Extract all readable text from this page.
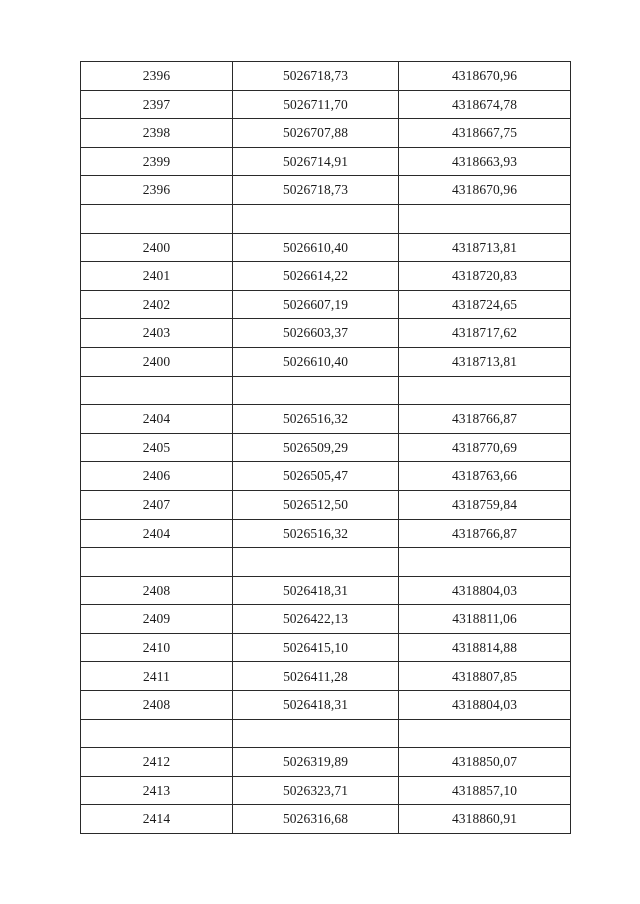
2396	5026718,73	4318670,96
2397	5026711,70	4318674,78
2398	5026707,88	4318667,75
2399	5026714,91	4318663,93
2396	5026718,73	4318670,96

2400	5026610,40	4318713,81
2401	5026614,22	4318720,83
2402	5026607,19	4318724,65
2403	5026603,37	4318717,62
2400	5026610,40	4318713,81

2404	5026516,32	4318766,87
2405	5026509,29	4318770,69
2406	5026505,47	4318763,66
2407	5026512,50	4318759,84
2404	5026516,32	4318766,87

2408	5026418,31	4318804,03
2409	5026422,13	4318811,06
2410	5026415,10	4318814,88
2411	5026411,28	4318807,85
2408	5026418,31	4318804,03

2412	5026319,89	4318850,07
2413	5026323,71	4318857,10
2414	5026316,68	4318860,91
